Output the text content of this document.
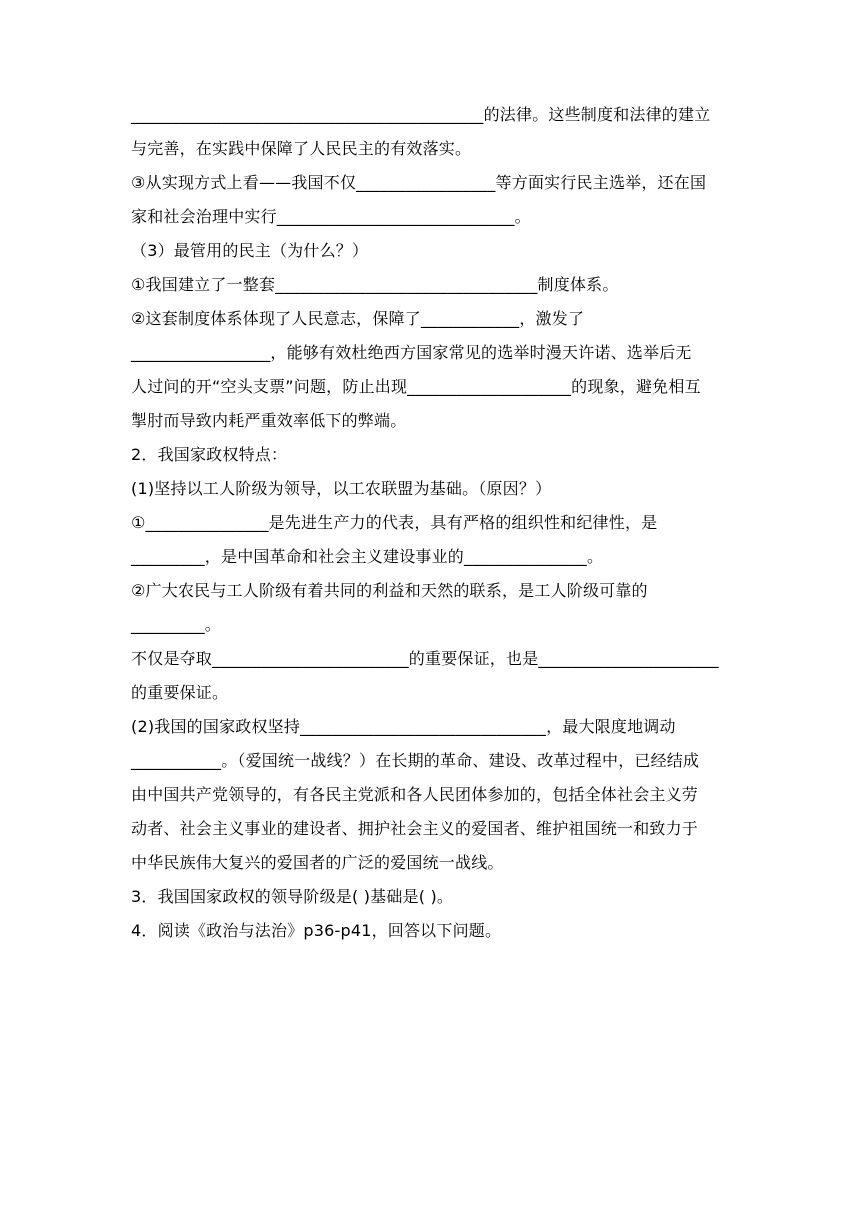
___________________________________________的法律。这些制度和法律的建立
与完善，在实践中保障了人民民主的有效落实。
③从实现方式上看——我国不仅_________________等方面实行民主选举，还在国
家和社会治理中实行_____________________________。
（3）最管用的民主（为什么？）
①我国建立了一整套________________________________制度体系。
②这套制度体系体现了人民意志，保障了____________，激发了
_________________，能够有效杜绝西方国家常见的选举时漫天许诺、选举后无
人过问的开“空头支票”问题，防止出现____________________的现象，避免相互
掣肘而导致内耗严重效率低下的弊端。
2．我国家政权特点：
(1)坚持以工人阶级为领导，以工农联盟为基础。（原因？）
①_______________是先进生产力的代表，具有严格的组织性和纪律性，是
_________，是中国革命和社会主义建设事业的_______________。
②广大农民与工人阶级有着共同的利益和天然的联系，是工人阶级可靠的
_________。
不仅是夺取________________________的重要保证，也是______________________
的重要保证。
(2)我国的国家政权坚持______________________________，最大限度地调动
___________。（爱国统一战线？）在长期的革命、建设、改革过程中，已经结成
由中国共产党领导的，有各民主党派和各人民团体参加的，包括全体社会主义劳
动者、社会主义事业的建设者、拥护社会主义的爱国者、维护祖国统一和致力于
中华民族伟大复兴的爱国者的广泛的爱国统一战线。
3．我国国家政权的领导阶级是( )基础是( )。
4．阅读《政治与法治》p36-p41，回答以下问题。
